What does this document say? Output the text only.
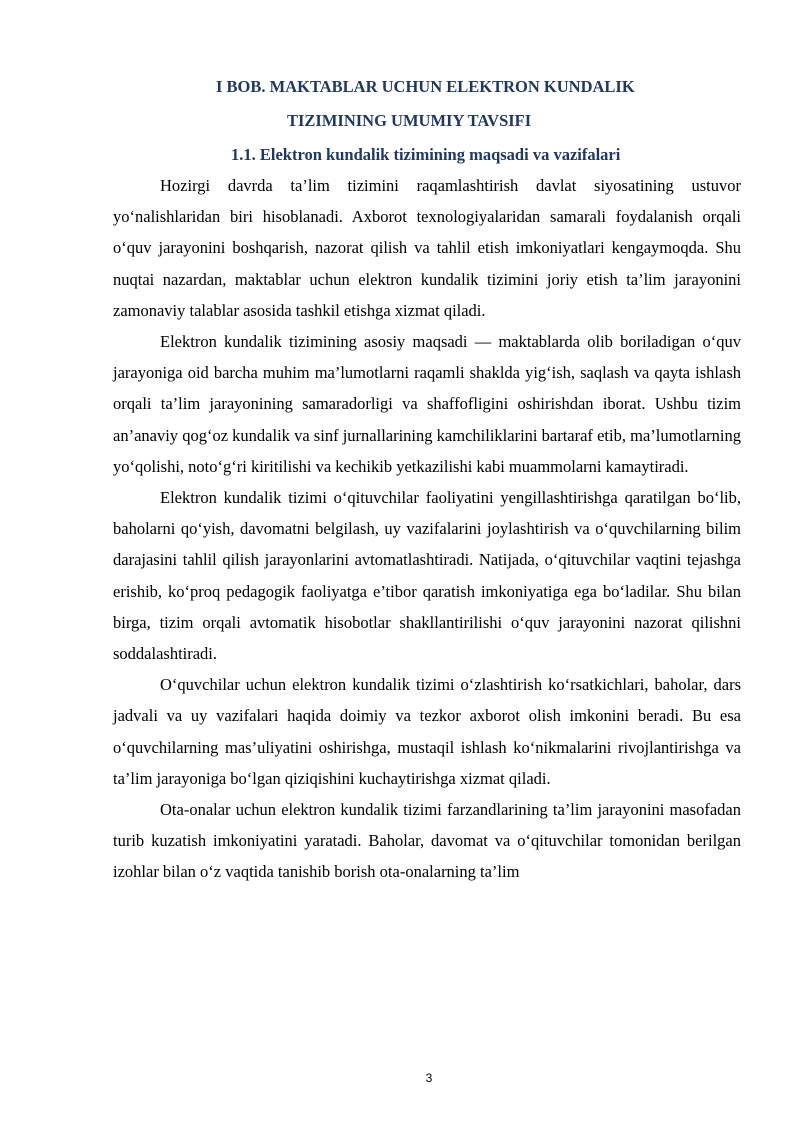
I BOB. MAKTABLAR UCHUN ELEKTRON KUNDALIK
TIZIMINING UMUMIY TAVSIFI
1.1. Elektron kundalik tizimining maqsadi va vazifalari

Hozirgi davrda ta’lim tizimini raqamlashtirish davlat siyosatining ustuvor yo‘nalishlaridan biri hisoblanadi. Axborot texnologiyalaridan samarali foydalanish orqali o‘quv jarayonini boshqarish, nazorat qilish va tahlil etish imkoniyatlari kengaymoqda. Shu nuqtai nazardan, maktablar uchun elektron kundalik tizimini joriy etish ta’lim jarayonini zamonaviy talablar asosida tashkil etishga xizmat qiladi.

Elektron kundalik tizimining asosiy maqsadi — maktablarda olib boriladigan o‘quv jarayoniga oid barcha muhim ma’lumotlarni raqamli shaklda yig‘ish, saqlash va qayta ishlash orqali ta’lim jarayonining samaradorligi va shaffofligini oshirishdan iborat. Ushbu tizim an’anaviy qog‘oz kundalik va sinf jurnallarining kamchiliklarini bartaraf etib, ma’lumotlarning yo‘qolishi, noto‘g‘ri kiritilishi va kechikib yetkazilishi kabi muammolarni kamaytiradi.

Elektron kundalik tizimi o‘qituvchilar faoliyatini yengillashtirishga qaratilgan bo‘lib, baholarni qo‘yish, davomatni belgilash, uy vazifalarini joylashtirish va o‘quvchilarning bilim darajasini tahlil qilish jarayonlarini avtomatlashtiradi. Natijada, o‘qituvchilar vaqtini tejashga erishib, ko‘proq pedagogik faoliyatga e’tibor qaratish imkoniyatiga ega bo‘ladilar. Shu bilan birga, tizim orqali avtomatik hisobotlar shakllantirilishi o‘quv jarayonini nazorat qilishni soddalashtiradi.

O‘quvchilar uchun elektron kundalik tizimi o‘zlashtirish ko‘rsatkichlari, baholar, dars jadvali va uy vazifalari haqida doimiy va tezkor axborot olish imkonini beradi. Bu esa o‘quvchilarning mas’uliyatini oshirishga, mustaqil ishlash ko‘nikmalarini rivojlantirishga va ta’lim jarayoniga bo‘lgan qiziqishini kuchaytirishga xizmat qiladi.

Ota-onalar uchun elektron kundalik tizimi farzandlarining ta’lim jarayonini masofadan turib kuzatish imkoniyatini yaratadi. Baholar, davomat va o‘qituvchilar tomonidan berilgan izohlar bilan o‘z vaqtida tanishib borish ota-onalarning ta’lim

3
